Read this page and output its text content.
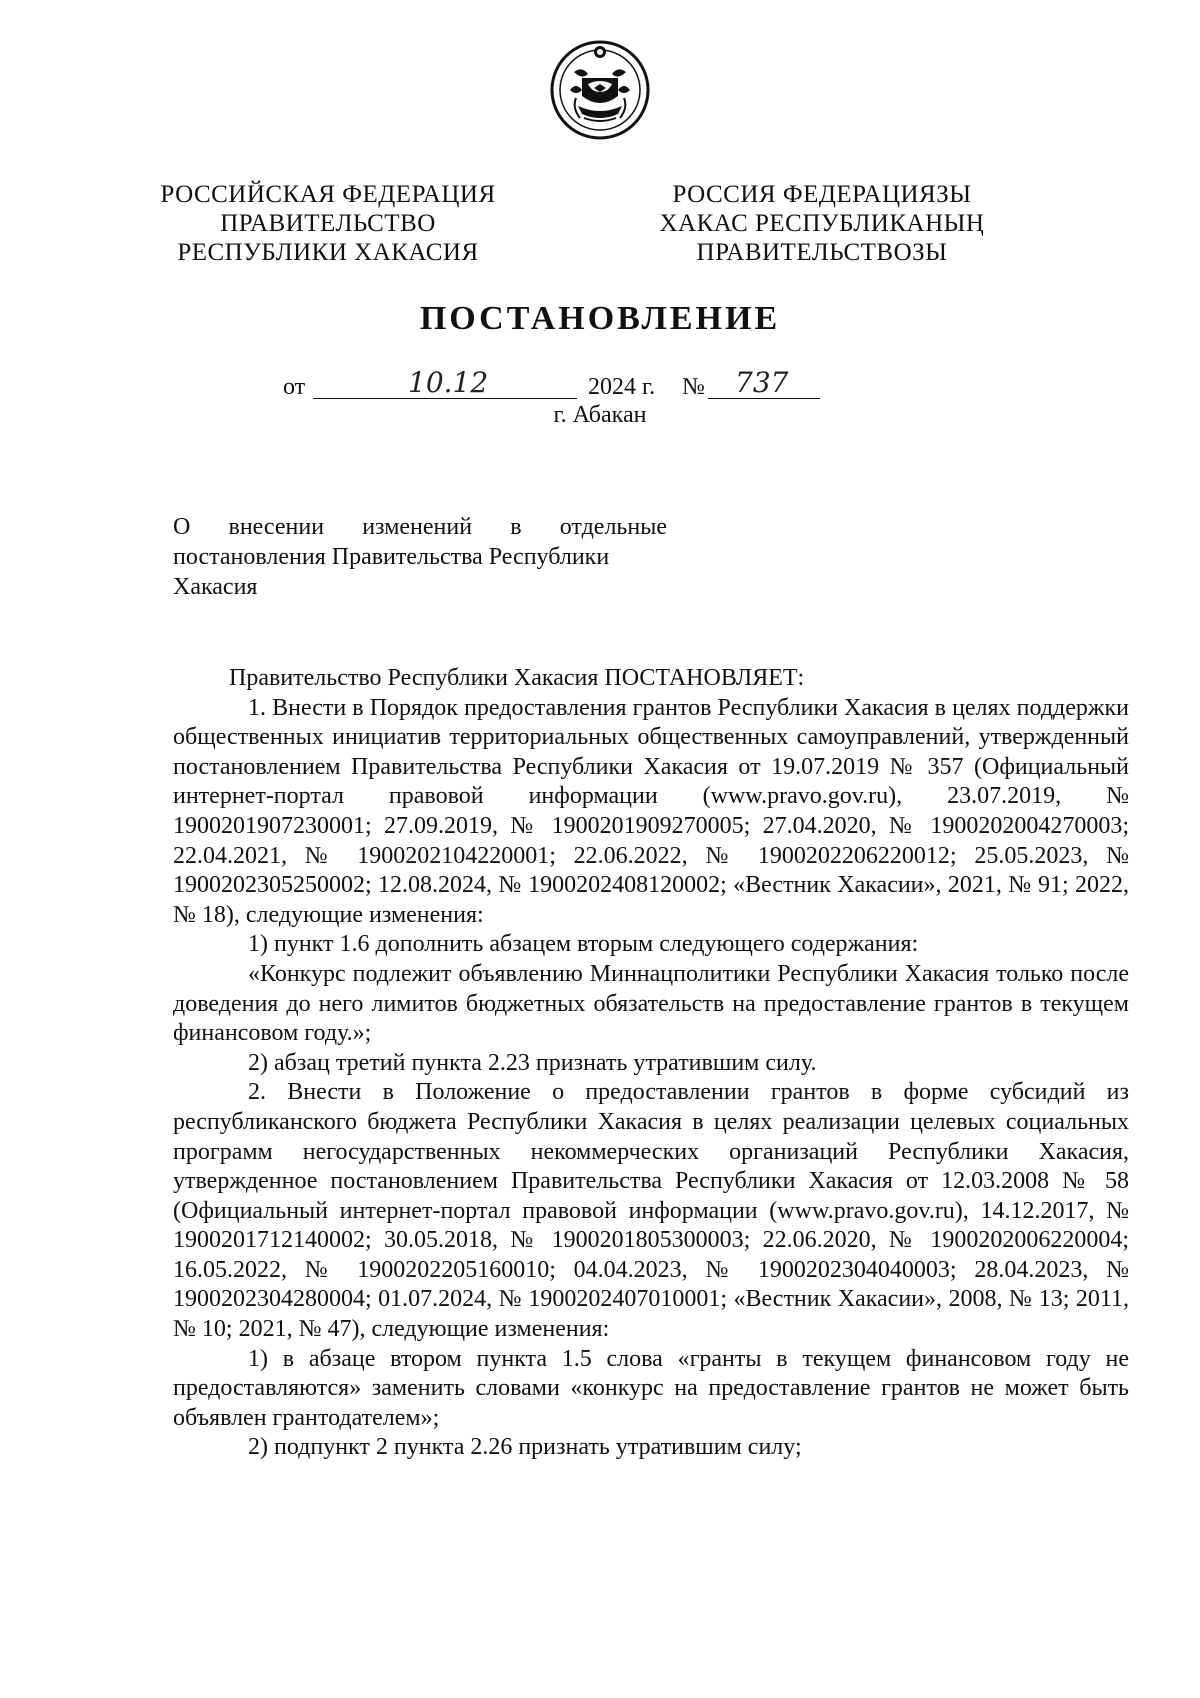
РОССИЙСКАЯ ФЕДЕРАЦИЯ
ПРАВИТЕЛЬСТВО
РЕСПУБЛИКИ ХАКАСИЯ
РОССИЯ ФЕДЕРАЦИЯЗЫ
ХАКАС РЕСПУБЛИКАНЫҢ
ПРАВИТЕЛЬСТВОЗЫ
ПОСТАНОВЛЕНИЕ
от	10.12	2024 г. № 737
г. Абакан
О внесении изменений в отдельные
постановления Правительства Республики
Хакасия

Правительство Республики Хакасия ПОСТАНОВЛЯЕТ:

1. Внести в Порядок предоставления грантов Республики Хакасия в целях поддержки общественных инициатив территориальных общественных самоуправлений, утвержденный постановлением Правительства Республики Хакасия от 19.07.2019 № 357 (Официальный интернет-портал правовой информации (www.pravo.gov.ru), 23.07.2019, № 1900201907230001; 27.09.2019, № 1900201909270005; 27.04.2020, № 1900202004270003; 22.04.2021, № 1900202104220001; 22.06.2022, № 1900202206220012; 25.05.2023, № 1900202305250002; 12.08.2024, № 1900202408120002; «Вестник Хакасии», 2021, № 91; 2022, № 18), следующие изменения:

1) пункт 1.6 дополнить абзацем вторым следующего содержания:

«Конкурс подлежит объявлению Миннацполитики Республики Хакасия только после доведения до него лимитов бюджетных обязательств на предоставление грантов в текущем финансовом году.»;

2) абзац третий пункта 2.23 признать утратившим силу.

2. Внести в Положение о предоставлении грантов в форме субсидий из республиканского бюджета Республики Хакасия в целях реализации целевых социальных программ негосударственных некоммерческих организаций Республики Хакасия, утвержденное постановлением Правительства Республики Хакасия от 12.03.2008 № 58 (Официальный интернет-портал правовой информации (www.pravo.gov.ru), 14.12.2017, № 1900201712140002; 30.05.2018, № 1900201805300003; 22.06.2020, № 1900202006220004; 16.05.2022, № 1900202205160010; 04.04.2023, № 1900202304040003; 28.04.2023, № 1900202304280004; 01.07.2024, № 1900202407010001; «Вестник Хакасии», 2008, № 13; 2011, № 10; 2021, № 47), следующие изменения:

1) в абзаце втором пункта 1.5 слова «гранты в текущем финансовом году не предоставляются» заменить словами «конкурс на предоставление грантов не может быть объявлен грантодателем»;

2) подпункт 2 пункта 2.26 признать утратившим силу;
